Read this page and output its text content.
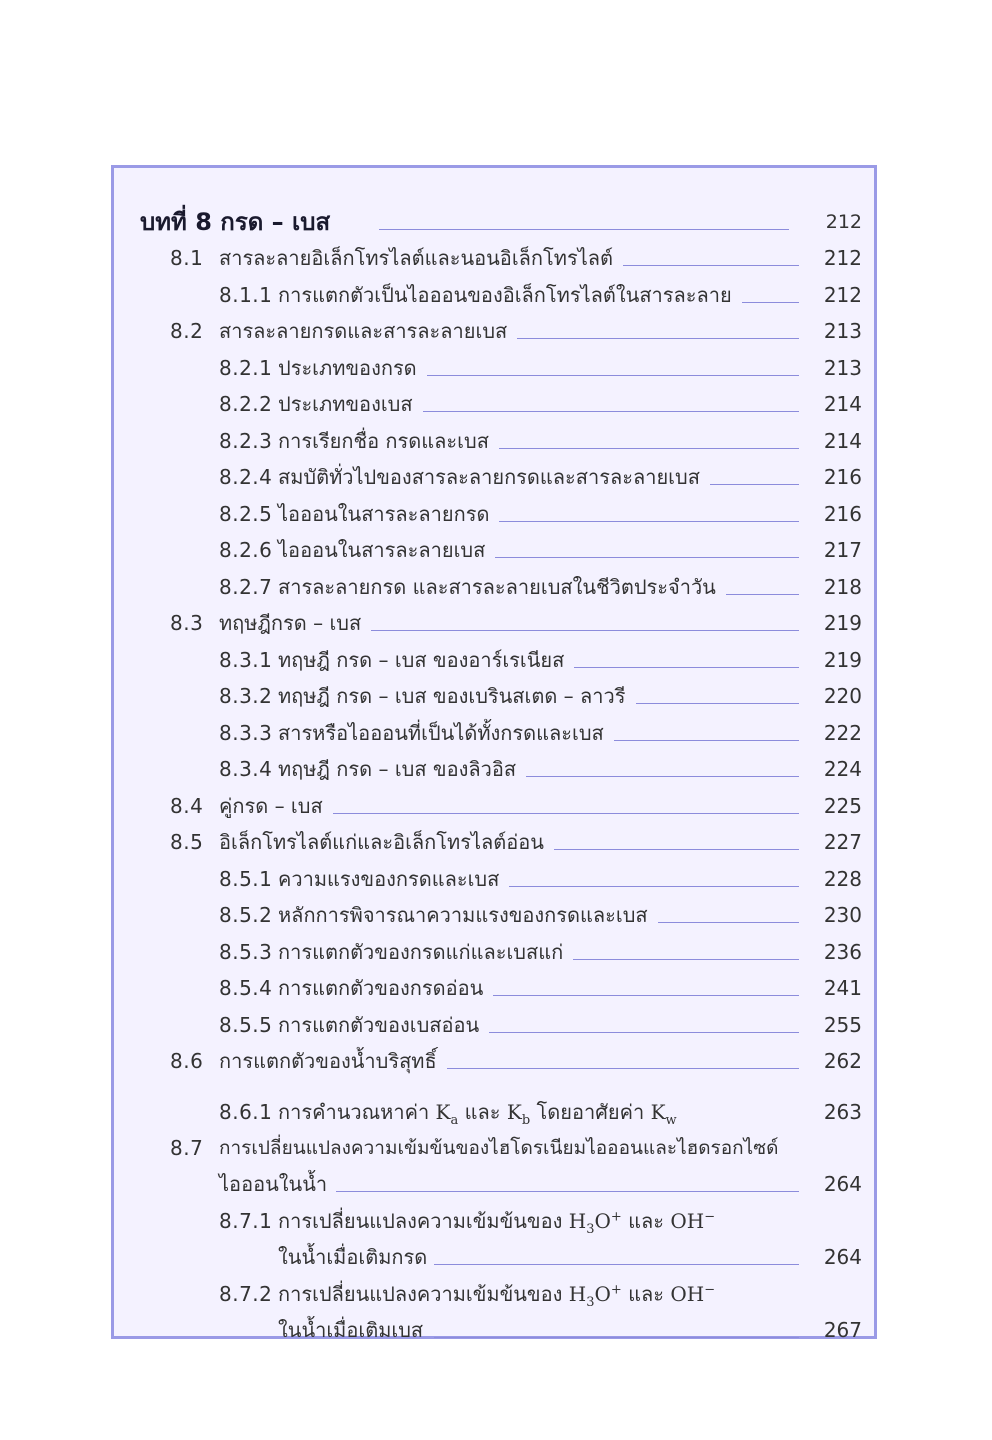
บทที่ 8 กรด – เบส	212
8.1 สารละลายอิเล็กโทรไลต์และนอนอิเล็กโทรไลต์	212
8.1.1 การแตกตัวเป็นไอออนของอิเล็กโทรไลต์ในสารละลาย	212
8.2 สารละลายกรดและสารละลายเบส	213
8.2.1 ประเภทของกรด	213
8.2.2 ประเภทของเบส	214
8.2.3 การเรียกชื่อ กรดและเบส	214
8.2.4 สมบัติทั่วไปของสารละลายกรดและสารละลายเบส	216
8.2.5 ไอออนในสารละลายกรด	216
8.2.6 ไอออนในสารละลายเบส	217
8.2.7 สารละลายกรด และสารละลายเบสในชีวิตประจำวัน	218
8.3 ทฤษฎีกรด – เบส	219
8.3.1 ทฤษฎี กรด – เบส ของอาร์เรเนียส	219
8.3.2 ทฤษฎี กรด – เบส ของเบรินสเตด – ลาวรี	220
8.3.3 สารหรือไอออนที่เป็นได้ทั้งกรดและเบส	222
8.3.4 ทฤษฎี กรด – เบส ของลิวอิส	224
8.4 คู่กรด – เบส	225
8.5 อิเล็กโทรไลต์แก่และอิเล็กโทรไลต์อ่อน	227
8.5.1 ความแรงของกรดและเบส	228
8.5.2 หลักการพิจารณาความแรงของกรดและเบส	230
8.5.3 การแตกตัวของกรดแก่และเบสแก่	236
8.5.4 การแตกตัวของกรดอ่อน	241
8.5.5 การแตกตัวของเบสอ่อน	255
8.6 การแตกตัวของน้ำบริสุทธิ์	262
8.6.1 การคำนวณหาค่า $K_a$ และ $K_b$ โดยอาศัยค่า $K_w$	263
8.7 การเปลี่ยนแปลงความเข้มข้นของไฮโดรเนียมไอออนและไฮดรอกไซด์
ไอออนในน้ำ	264
8.7.1 การเปลี่ยนแปลงความเข้มข้นของ $H_3O^+$ และ OH−
ในน้ำเมื่อเติมกรด	264
8.7.2 การเปลี่ยนแปลงความเข้มข้นของ $H_3O^+$ และ OH−
ในน้ำเมื่อเติมเบส	267
